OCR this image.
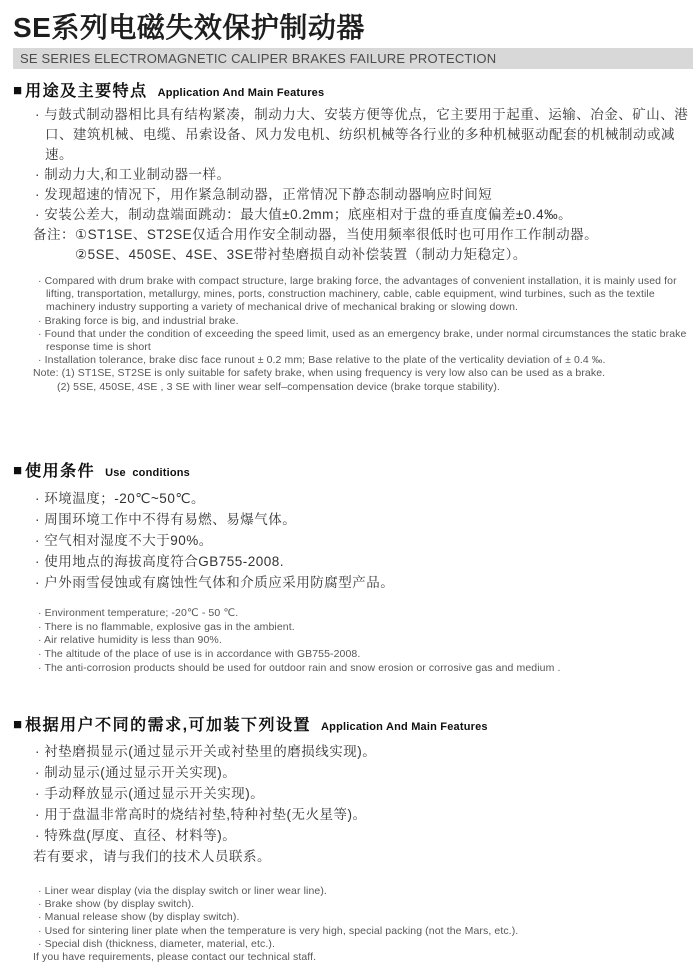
SE系列电磁失效保护制动器
SE SERIES ELECTROMAGNETIC CALIPER BRAKES FAILURE PROTECTION
■ 用途及主要特点 Application And Main Features
· 与鼓式制动器相比具有结构紧凑，制动力大、安装方便等优点，它主要用于起重、运输、冶金、矿山、港口、建筑机械、电缆、吊索设备、风力发电机、纺织机械等各行业的多种机械驱动配套的机械制动或减速。
· 制动力大,和工业制动器一样。
· 发现超速的情况下，用作紧急制动器，正常情况下静态制动器响应时间短
· 安装公差大，制动盘端面跳动：最大值±0.2mm；底座相对于盘的垂直度偏差±0.4‰。
备注：①ST1SE、ST2SE仅适合用作安全制动器，当使用频率很低时也可用作工作制动器。
②5SE、450SE、4SE、3SE带衬垫磨损自动补偿装置（制动力矩稳定）。
· Compared with drum brake with compact structure, large braking force, the advantages of convenient installation, it is mainly used for lifting, transportation, metallurgy, mines, ports, construction machinery, cable, cable equipment, wind turbines, such as the textile machinery industry supporting a variety of mechanical drive of mechanical braking or slowing down.
· Braking force is big, and industrial brake.
· Found that under the condition of exceeding the speed limit, used as an emergency brake, under normal circumstances the static brake response time is short
· Installation tolerance, brake disc face runout ± 0.2 mm; Base relative to the plate of the verticality deviation of ± 0.4 ‰.
Note: (1) ST1SE, ST2SE is only suitable for safety brake, when using frequency is very low also can be used as a brake.
(2) 5SE, 450SE, 4SE , 3 SE with liner wear self–compensation device (brake torque stability).
■ 使用条件 Use  conditions
· 环境温度；-20℃~50℃。
· 周围环境工作中不得有易燃、易爆气体。
· 空气相对湿度不大于90%。
· 使用地点的海拔高度符合GB755-2008.
· 户外雨雪侵蚀或有腐蚀性气体和介质应采用防腐型产品。
· Environment temperature; -20℃ - 50 ℃.
· There is no flammable, explosive gas in the ambient.
· Air relative humidity is less than 90%.
· The altitude of the place of use is in accordance with GB755-2008.
· The anti-corrosion products should be used for outdoor rain and snow erosion or corrosive gas and medium .
■ 根据用户不同的需求,可加装下列设置 Application And Main Features
· 衬垫磨损显示(通过显示开关或衬垫里的磨损线实现)。
· 制动显示(通过显示开关实现)。
· 手动释放显示(通过显示开关实现)。
· 用于盘温非常高时的烧结衬垫,特种衬垫(无火星等)。
· 特殊盘(厚度、直径、材料等)。
若有要求，请与我们的技术人员联系。
· Liner wear display (via the display switch or liner wear line).
· Brake show (by display switch).
· Manual release show (by display switch).
· Used for sintering liner plate when the temperature is very high, special packing (not the Mars, etc.).
· Special dish (thickness, diameter, material, etc.).
If you have requirements, please contact our technical staff.
